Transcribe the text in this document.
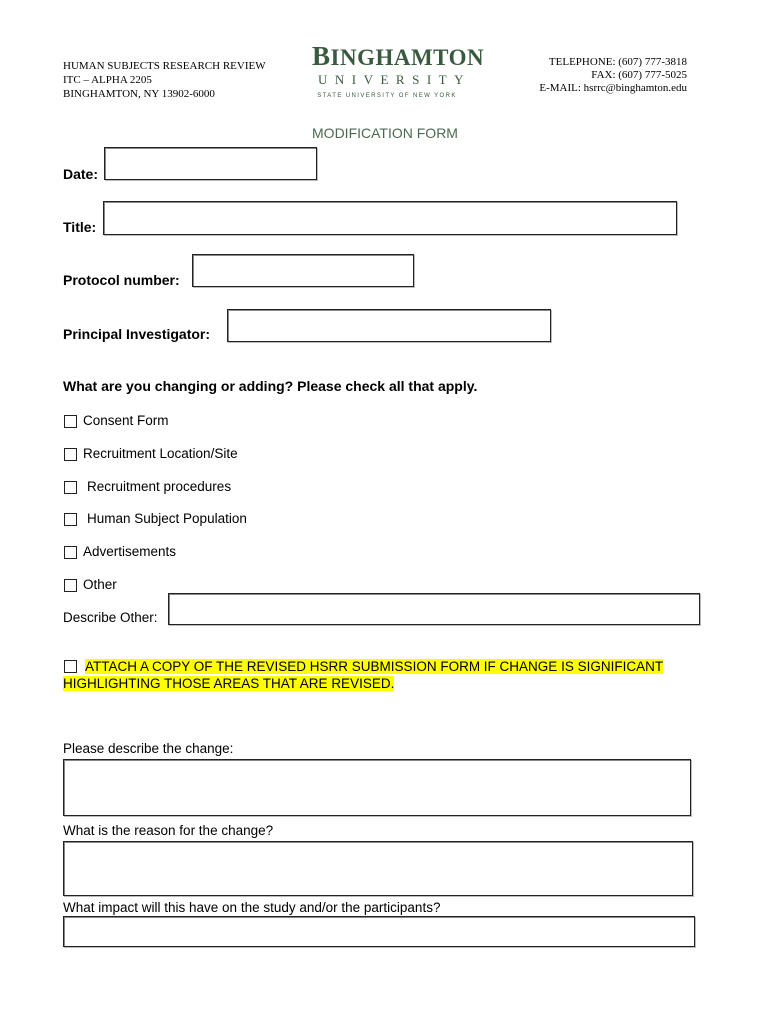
HUMAN SUBJECTS RESEARCH REVIEW
ITC – ALPHA 2205
BINGHAMTON, NY 13902-6000
BINGHAMTON
UNIVERSITY
STATE UNIVERSITY OF NEW YORK
TELEPHONE: (607) 777-3818
FAX: (607) 777-5025
E-MAIL: hsrrc@binghamton.edu
MODIFICATION FORM
Date:
Title:
Protocol number:
Principal Investigator:
What are you changing or adding? Please check all that apply.
Consent Form
Recruitment Location/Site
Recruitment procedures
Human Subject Population
Advertisements
Other
Describe Other:
ATTACH A COPY OF THE REVISED HSRR SUBMISSION FORM IF CHANGE IS SIGNIFICANT HIGHLIGHTING THOSE AREAS THAT ARE REVISED.
Please describe the change:
What is the reason for the change?
What impact will this have on the study and/or the participants?
